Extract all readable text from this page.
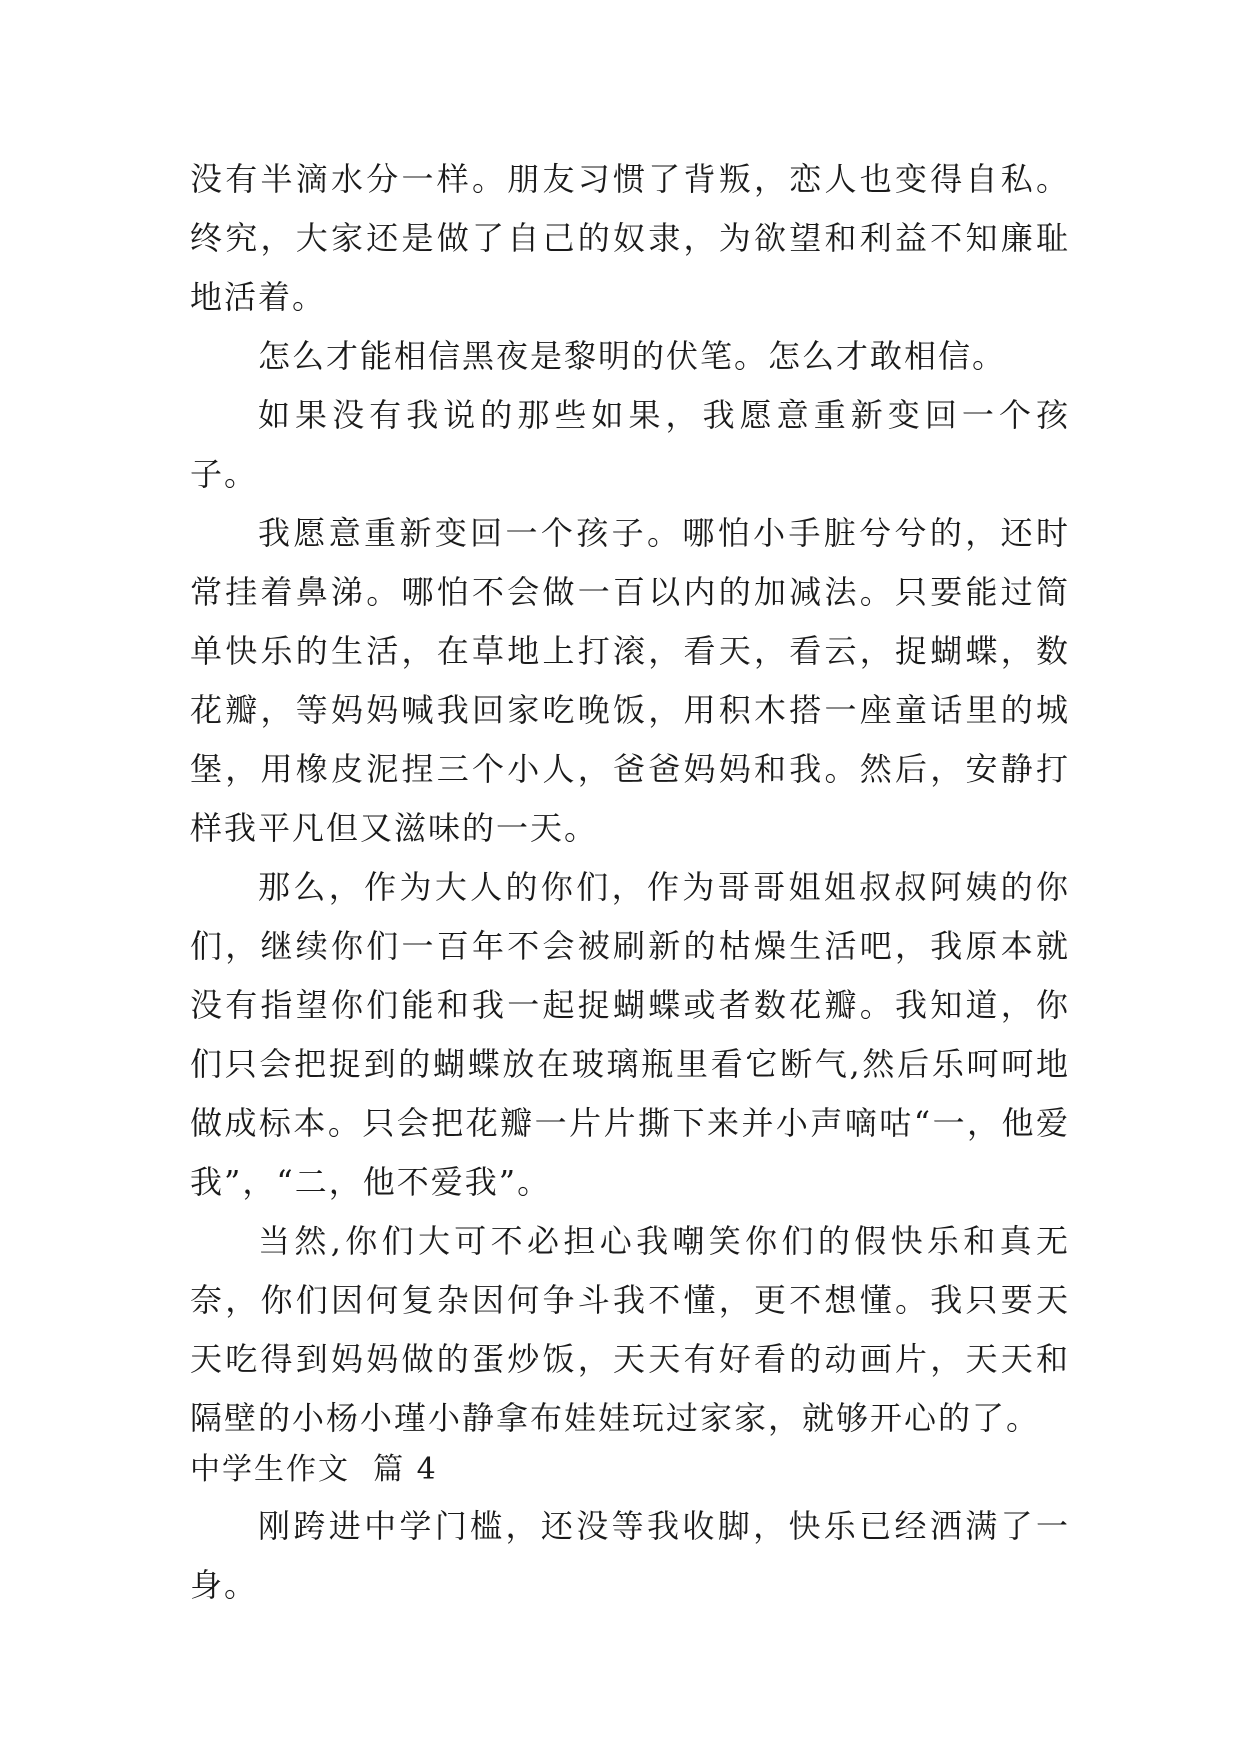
没有半滴水分一样。朋友习惯了背叛，恋人也变得自私。终究，大家还是做了自己的奴隶，为欲望和利益不知廉耻地活着。

怎么才能相信黑夜是黎明的伏笔。怎么才敢相信。

如果没有我说的那些如果，我愿意重新变回一个孩子。

我愿意重新变回一个孩子。哪怕小手脏兮兮的，还时常挂着鼻涕。哪怕不会做一百以内的加减法。只要能过简单快乐的生活，在草地上打滚，看天，看云，捉蝴蝶，数花瓣，等妈妈喊我回家吃晚饭，用积木搭一座童话里的城堡，用橡皮泥捏三个小人，爸爸妈妈和我。然后，安静打样我平凡但又滋味的一天。

那么，作为大人的你们，作为哥哥姐姐叔叔阿姨的你们，继续你们一百年不会被刷新的枯燥生活吧，我原本就没有指望你们能和我一起捉蝴蝶或者数花瓣。我知道，你们只会把捉到的蝴蝶放在玻璃瓶里看它断气,然后乐呵呵地做成标本。只会把花瓣一片片撕下来并小声嘀咕“一，他爱我”，“二，他不爱我”。

当然,你们大可不必担心我嘲笑你们的假快乐和真无奈，你们因何复杂因何争斗我不懂，更不想懂。我只要天天吃得到妈妈做的蛋炒饭，天天有好看的动画片，天天和隔壁的小杨小瑾小静拿布娃娃玩过家家，就够开心的了。

中学生作文  篇 4

刚跨进中学门槛，还没等我收脚，快乐已经洒满了一身。
